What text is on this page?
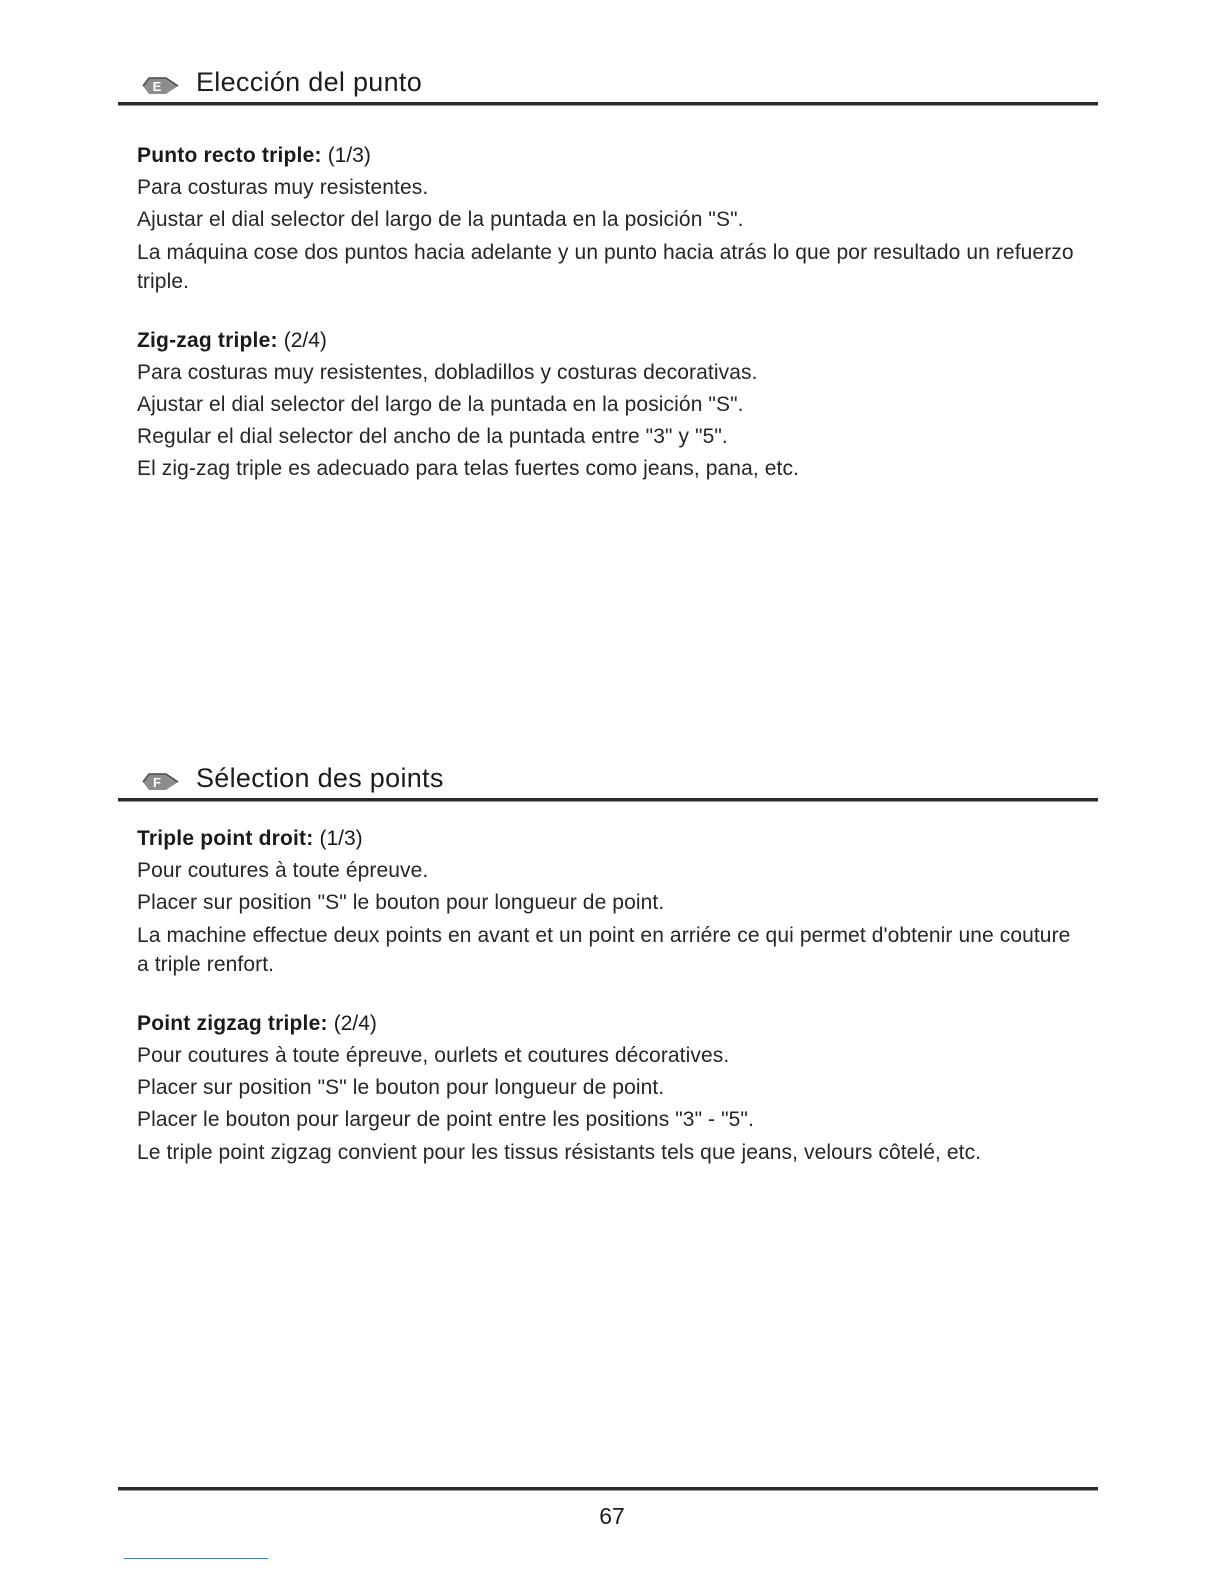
E Elección del punto
Punto recto triple: (1/3)
Para costuras muy resistentes.
Ajustar el dial selector del largo de la puntada en la posición "S".
La máquina cose dos puntos hacia adelante y un punto hacia atrás lo que por resultado un refuerzo triple.
Zig-zag triple: (2/4)
Para costuras muy resistentes, dobladillos y costuras decorativas.
Ajustar el dial selector del largo de la puntada en la posición "S".
Regular el dial selector del ancho de la puntada entre "3" y "5".
El zig-zag triple es adecuado para telas fuertes como jeans, pana, etc.
F Sélection des points
Triple point droit: (1/3)
Pour coutures à toute épreuve.
Placer sur position "S" le bouton pour longueur de point.
La machine effectue deux points en avant et un point en arriére ce qui permet d'obtenir une couture a triple renfort.
Point zigzag triple: (2/4)
Pour coutures à toute épreuve, ourlets et coutures décoratives.
Placer sur position "S" le bouton pour longueur de point.
Placer le bouton pour largeur de point entre les positions "3" - "5".
Le triple point zigzag convient pour les tissus résistants tels que jeans, velours côtelé, etc.
67
